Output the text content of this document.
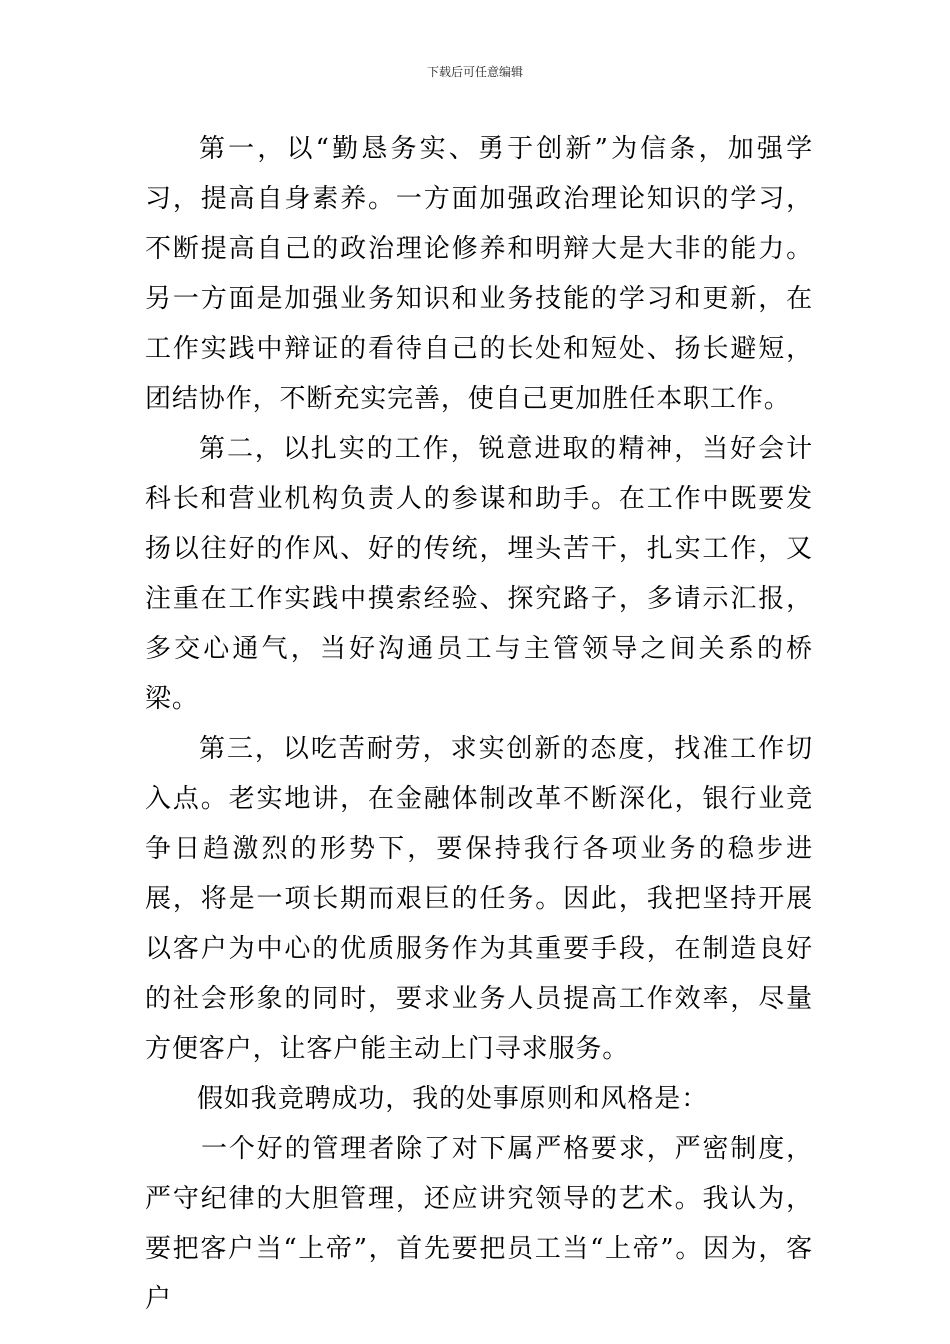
下载后可任意编辑

第一，以“勤恳务实、勇于创新”为信条，加强学习，提高自身素养。一方面加强政治理论知识的学习，不断提高自己的政治理论修养和明辩大是大非的能力。另一方面是加强业务知识和业务技能的学习和更新，在工作实践中辩证的看待自己的长处和短处、扬长避短，团结协作，不断充实完善，使自己更加胜任本职工作。

第二，以扎实的工作，锐意进取的精神，当好会计科长和营业机构负责人的参谋和助手。在工作中既要发扬以往好的作风、好的传统，埋头苦干，扎实工作，又注重在工作实践中摸索经验、探究路子，多请示汇报，多交心通气，当好沟通员工与主管领导之间关系的桥梁。

第三，以吃苦耐劳，求实创新的态度，找准工作切入点。老实地讲，在金融体制改革不断深化，银行业竞争日趋激烈的形势下，要保持我行各项业务的稳步进展，将是一项长期而艰巨的任务。因此，我把坚持开展以客户为中心的优质服务作为其重要手段，在制造良好的社会形象的同时，要求业务人员提高工作效率，尽量方便客户，让客户能主动上门寻求服务。

假如我竞聘成功，我的处事原则和风格是：

一个好的管理者除了对下属严格要求，严密制度，严守纪律的大胆管理，还应讲究领导的艺术。我认为，要把客户当“上帝”，首先要把员工当“上帝”。因为，客户
